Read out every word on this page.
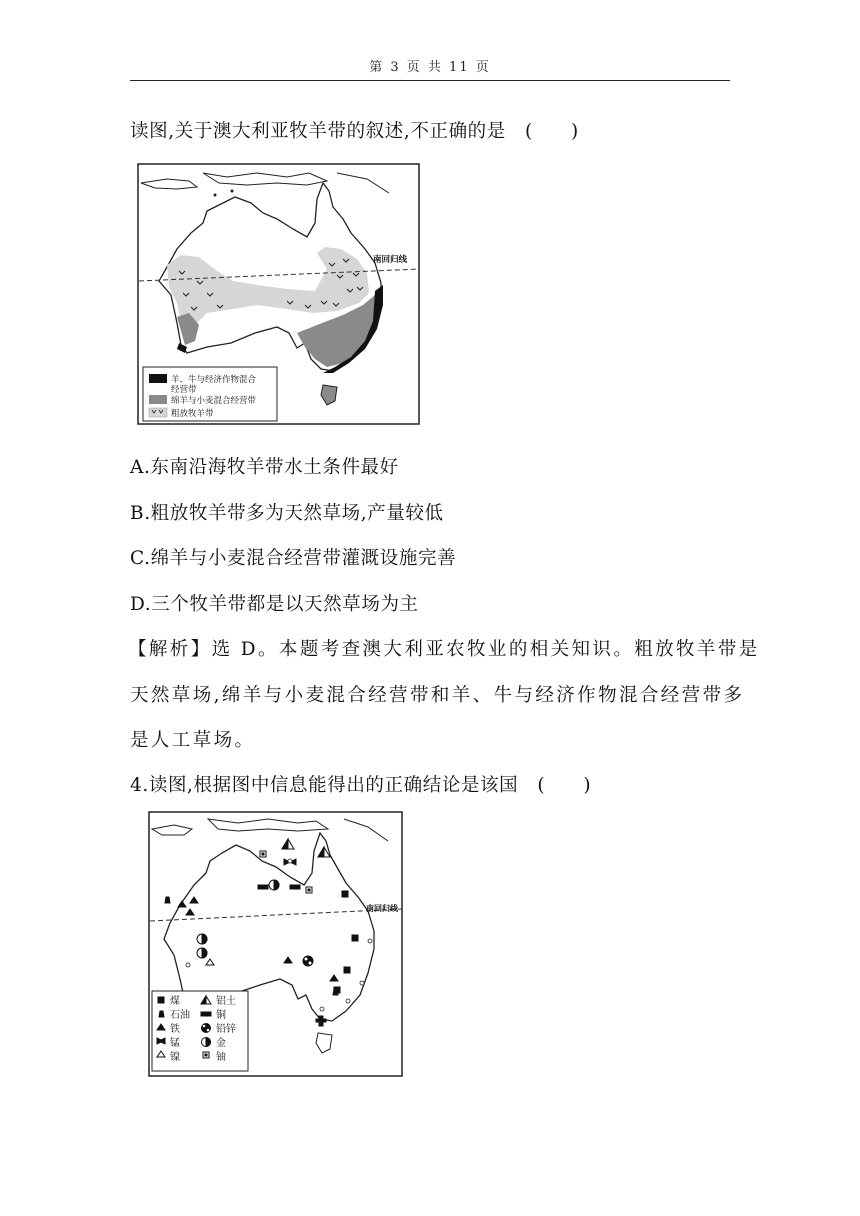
第 3 页 共 11 页
读图,关于澳大利亚牧羊带的叙述,不正确的是　(　　)
南回归线
羊、牛与经济作物混合
经营带
绵羊与小麦混合经营带
粗放牧羊带
A.东南沿海牧羊带水土条件最好
B.粗放牧羊带多为天然草场,产量较低
C.绵羊与小麦混合经营带灌溉设施完善
D.三个牧羊带都是以天然草场为主
【解析】选 D。本题考查澳大利亚农牧业的相关知识。粗放牧羊带是
天然草场,绵羊与小麦混合经营带和羊、牛与经济作物混合经营带多
是人工草场。
4.读图,根据图中信息能得出的正确结论是该国　(　　)
南回归线
煤	铝土
石油	铜
铁	铅锌
锰	金
镍	铀
